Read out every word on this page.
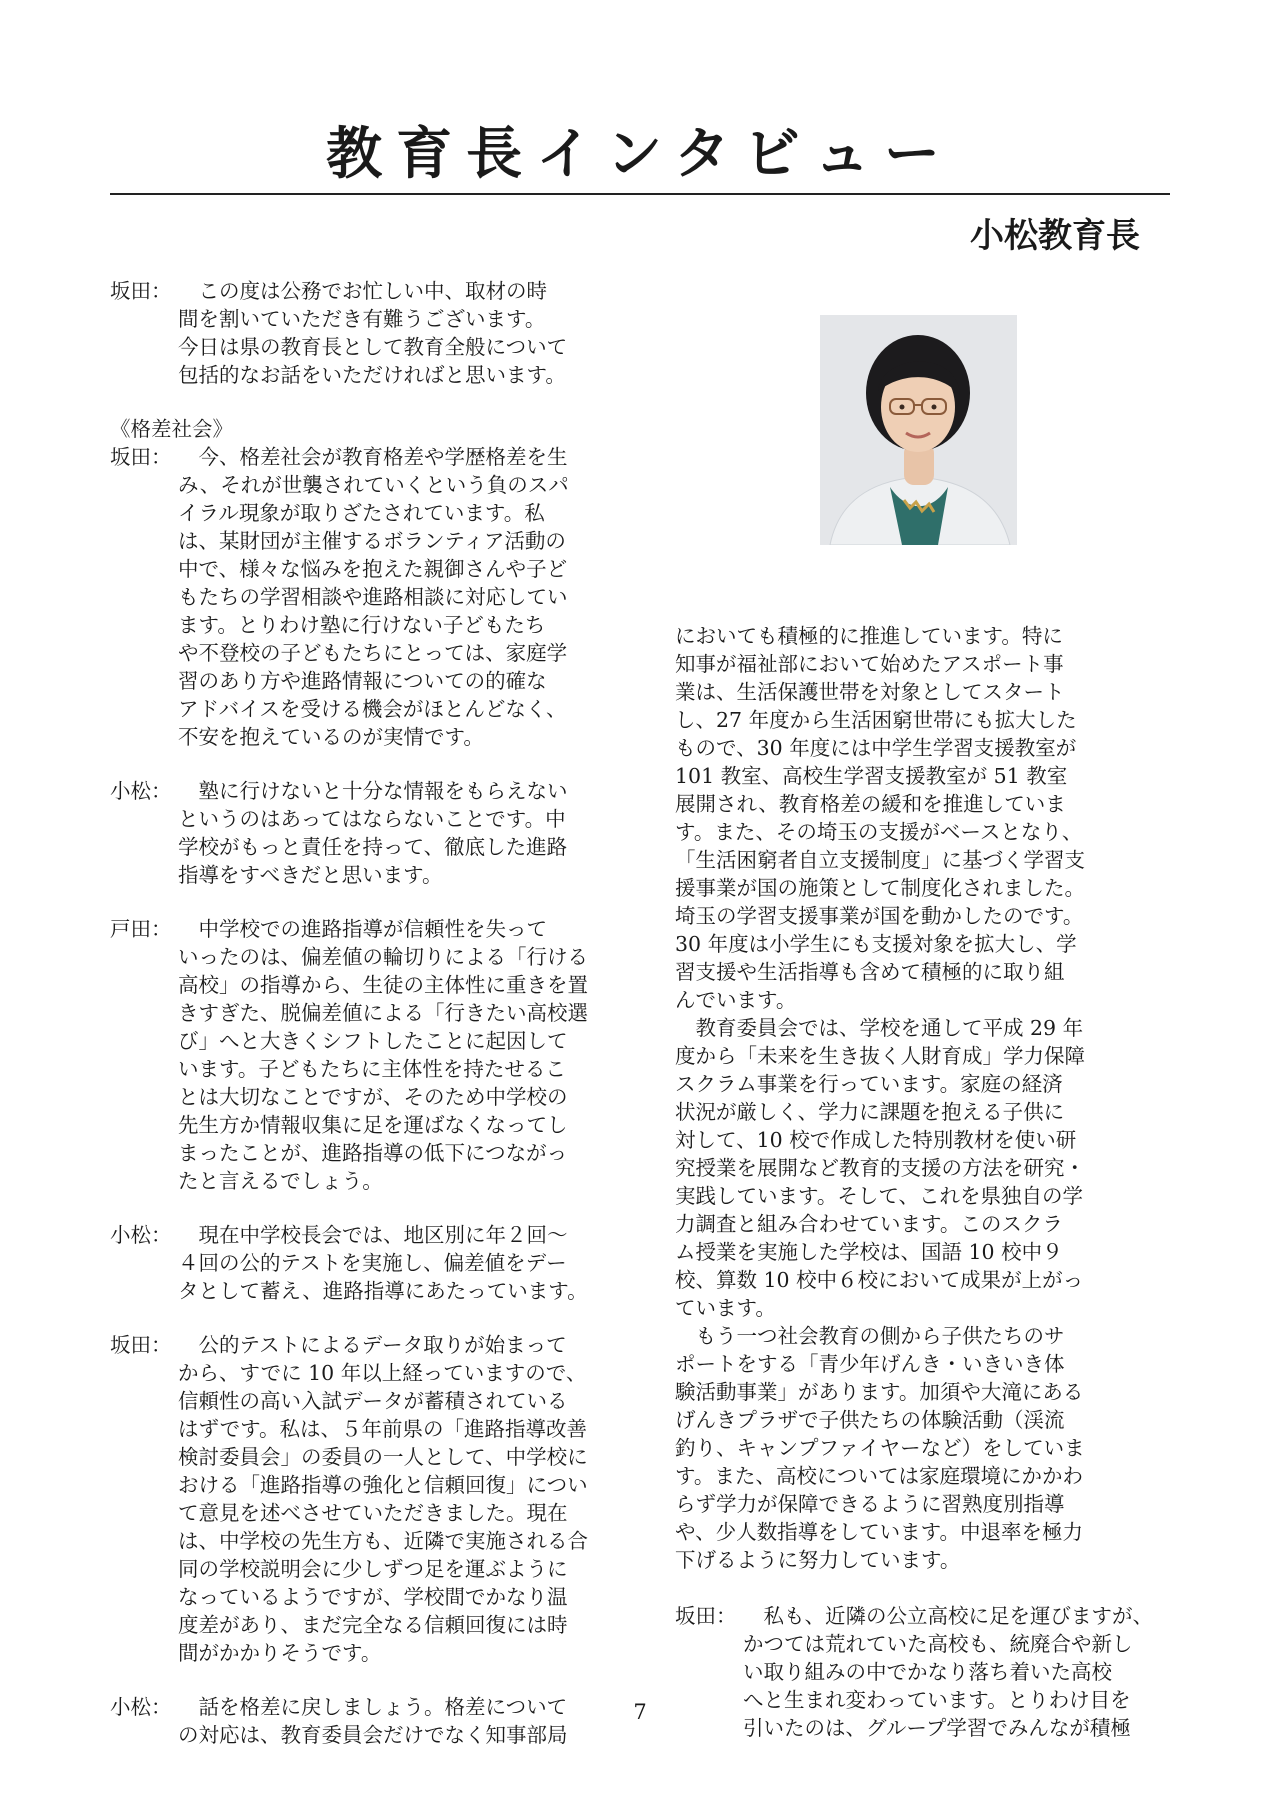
教育長インタビュー
小松教育長
坂田： 　この度は公務でお忙しい中、取材の時
間を割いていただき有難うございます。
今日は県の教育長として教育全般について
包括的なお話をいただければと思います。
《格差社会》
坂田： 　今、格差社会が教育格差や学歴格差を生
み、それが世襲されていくという負のスパ
イラル現象が取りざたされています。私
は、某財団が主催するボランティア活動の
中で、様々な悩みを抱えた親御さんや子ど
もたちの学習相談や進路相談に対応してい
ます。とりわけ塾に行けない子どもたち
や不登校の子どもたちにとっては、家庭学
習のあり方や進路情報についての的確な
アドバイスを受ける機会がほとんどなく、
不安を抱えているのが実情です。
小松： 　塾に行けないと十分な情報をもらえない
というのはあってはならないことです。中
学校がもっと責任を持って、徹底した進路
指導をすべきだと思います。
戸田： 　中学校での進路指導が信頼性を失って
いったのは、偏差値の輪切りによる「行ける
高校」の指導から、生徒の主体性に重きを置
きすぎた、脱偏差値による「行きたい高校選
び」へと大きくシフトしたことに起因して
います。子どもたちに主体性を持たせるこ
とは大切なことですが、そのため中学校の
先生方か情報収集に足を運ばなくなってし
まったことが、進路指導の低下につながっ
たと言えるでしょう。
小松： 　現在中学校長会では、地区別に年２回〜
４回の公的テストを実施し、偏差値をデー
タとして蓄え、進路指導にあたっています。
坂田： 　公的テストによるデータ取りが始まって
から、すでに 10 年以上経っていますので、
信頼性の高い入試データが蓄積されている
はずです。私は、５年前県の「進路指導改善
検討委員会」の委員の一人として、中学校に
おける「進路指導の強化と信頼回復」につい
て意見を述べさせていただきました。現在
は、中学校の先生方も、近隣で実施される合
同の学校説明会に少しずつ足を運ぶように
なっているようですが、学校間でかなり温
度差があり、まだ完全なる信頼回復には時
間がかかりそうです。
小松： 　話を格差に戻しましょう。格差について
の対応は、教育委員会だけでなく知事部局
においても積極的に推進しています。特に
知事が福祉部において始めたアスポート事
業は、生活保護世帯を対象としてスタート
し、27 年度から生活困窮世帯にも拡大した
もので、30 年度には中学生学習支援教室が
101 教室、高校生学習支援教室が 51 教室
展開され、教育格差の緩和を推進していま
す。また、その埼玉の支援がベースとなり、
「生活困窮者自立支援制度」に基づく学習支
援事業が国の施策として制度化されました。
埼玉の学習支援事業が国を動かしたのです。
30 年度は小学生にも支援対象を拡大し、学
習支援や生活指導も含めて積極的に取り組
んでいます。
　教育委員会では、学校を通して平成 29 年
度から「未来を生き抜く人財育成」学力保障
スクラム事業を行っています。家庭の経済
状況が厳しく、学力に課題を抱える子供に
対して、10 校で作成した特別教材を使い研
究授業を展開など教育的支援の方法を研究・
実践しています。そして、これを県独自の学
力調査と組み合わせています。このスクラ
ム授業を実施した学校は、国語 10 校中９
校、算数 10 校中６校において成果が上がっ
ています。
　もう一つ社会教育の側から子供たちのサ
ポートをする「青少年げんき・いきいき体
験活動事業」があります。加須や大滝にある
げんきプラザで子供たちの体験活動（渓流
釣り、キャンプファイヤーなど）をしていま
す。また、高校については家庭環境にかかわ
らず学力が保障できるように習熟度別指導
や、少人数指導をしています。中退率を極力
下げるように努力しています。
坂田： 　私も、近隣の公立高校に足を運びますが、
かつては荒れていた高校も、統廃合や新し
い取り組みの中でかなり落ち着いた高校
へと生まれ変わっています。とりわけ目を
引いたのは、グループ学習でみんなが積極
7
